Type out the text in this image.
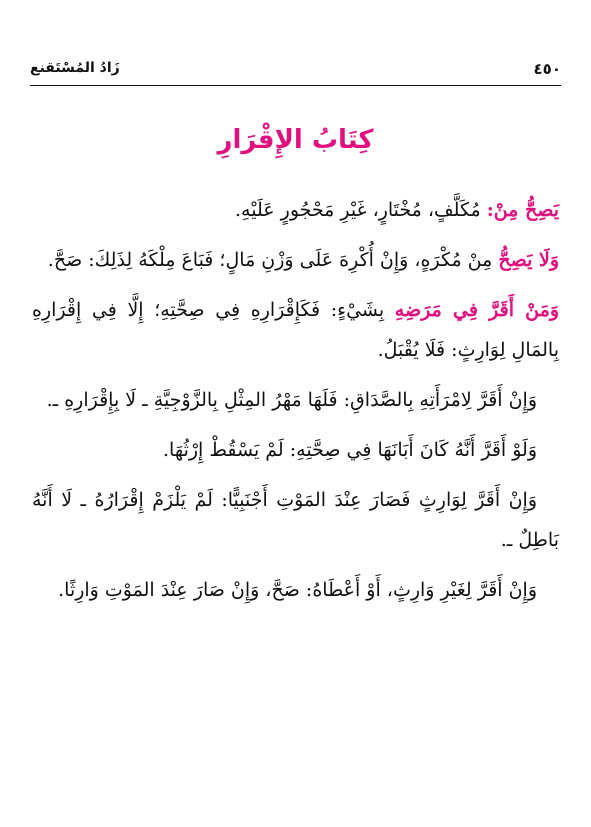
٤٥٠
زَادُ المُسْتَقنع
كِتَابُ الإِقْرَارِ

يَصِحُّ مِنْ: مُكَلَّفٍ، مُخْتَارٍ، غَيْرِ مَحْجُورٍ عَلَيْهِ.

وَلَا يَصِحُّ مِنْ مُكْرَهٍ، وَإِنْ أُكْرِهَ عَلَى وَزْنِ مَالٍ؛ فَبَاعَ مِلْكَهُ لِذَلِكَ: صَحَّ.

وَمَنْ أَقَرَّ فِي مَرَضِهِ بِشَيْءٍ: فَكَإِقْرَارِهِ فِي صِحَّتِهِ؛ إِلَّا فِي إِقْرَارِهِ بِالمَالِ لِوَارِثٍ: فَلَا يُقْبَلُ.

وَإِنْ أَقَرَّ لِامْرَأَتِهِ بِالصَّدَاقِ: فَلَهَا مَهْرُ المِثْلِ بِالزَّوْجِيَّةِ ـ لَا بِإِقْرَارِهِ ـ.

وَلَوْ أَقَرَّ أَنَّهُ كَانَ أَبَانَهَا فِي صِحَّتِهِ: لَمْ يَسْقُطْ إِرْثُهَا.

وَإِنْ أَقَرَّ لِوَارِثٍ فَصَارَ عِنْدَ المَوْتِ أَجْنَبِيًّا: لَمْ يَلْزَمْ إِقْرَارُهُ ـ لَا أَنَّهُ بَاطِلٌ ـ.

وَإِنْ أَقَرَّ لِغَيْرِ وَارِثٍ، أَوْ أَعْطَاهُ: صَحَّ، وَإِنْ صَارَ عِنْدَ المَوْتِ وَارِثًا.
